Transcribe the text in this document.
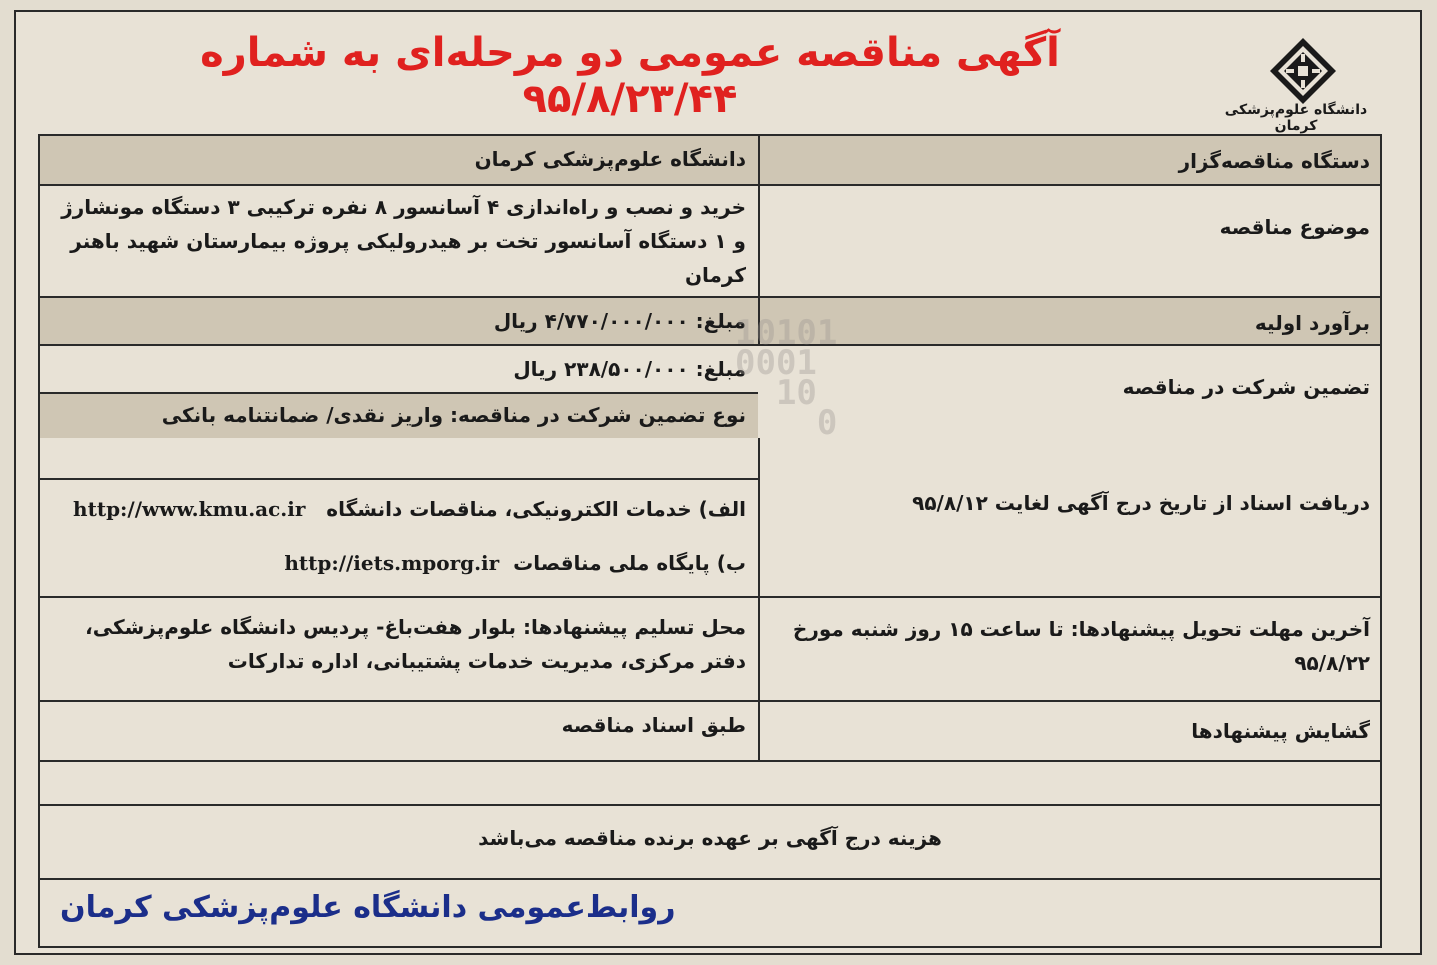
آگهی مناقصه عمومی دو مرحله‌ای به شماره ۹۵/۸/۲۳/۴۴	دانشگاه علوم‌پزشکی کرمان
دستگاه مناقصه‌گزار
دانشگاه علوم‌پزشکی کرمان
موضوع مناقصه
خرید و نصب و راه‌اندازی ۴ آسانسور ۸ نفره ترکیبی ۳ دستگاه مونشارژ و ۱ دستگاه آسانسور تخت بر هیدرولیکی پروژه بیمارستان شهید باهنر کرمان
برآورد اولیه
مبلغ: ۴/۷۷۰/۰۰۰/۰۰۰ ریال
تضمین شرکت در مناقصه
مبلغ: ۲۳۸/۵۰۰/۰۰۰ ریال
نوع تضمین شرکت در مناقصه: واریز نقدی/ ضمانتنامه بانکی
دریافت اسناد از تاریخ درج آگهی لغایت ۹۵/۸/۱۲
الف) خدمات الکترونیکی، مناقصات دانشگاه   http://www.kmu.ac.ir
ب) پایگاه ملی مناقصات  http://iets.mporg.ir
آخرین مهلت تحویل پیشنهادها: تا ساعت ۱۵ روز شنبه مورخ ۹۵/۸/۲۲
محل تسلیم پیشنهادها: بلوار هفت‌باغ- پردیس دانشگاه علوم‌پزشکی، دفتر مرکزی، مدیریت خدمات پشتیبانی، اداره تدارکات
گشایش پیشنهادها
طبق اسناد مناقصه
هزینه درج آگهی بر عهده برنده مناقصه می‌باشد
روابط‌عمومی دانشگاه علوم‌پزشکی کرمان
10101
0001
10
0
